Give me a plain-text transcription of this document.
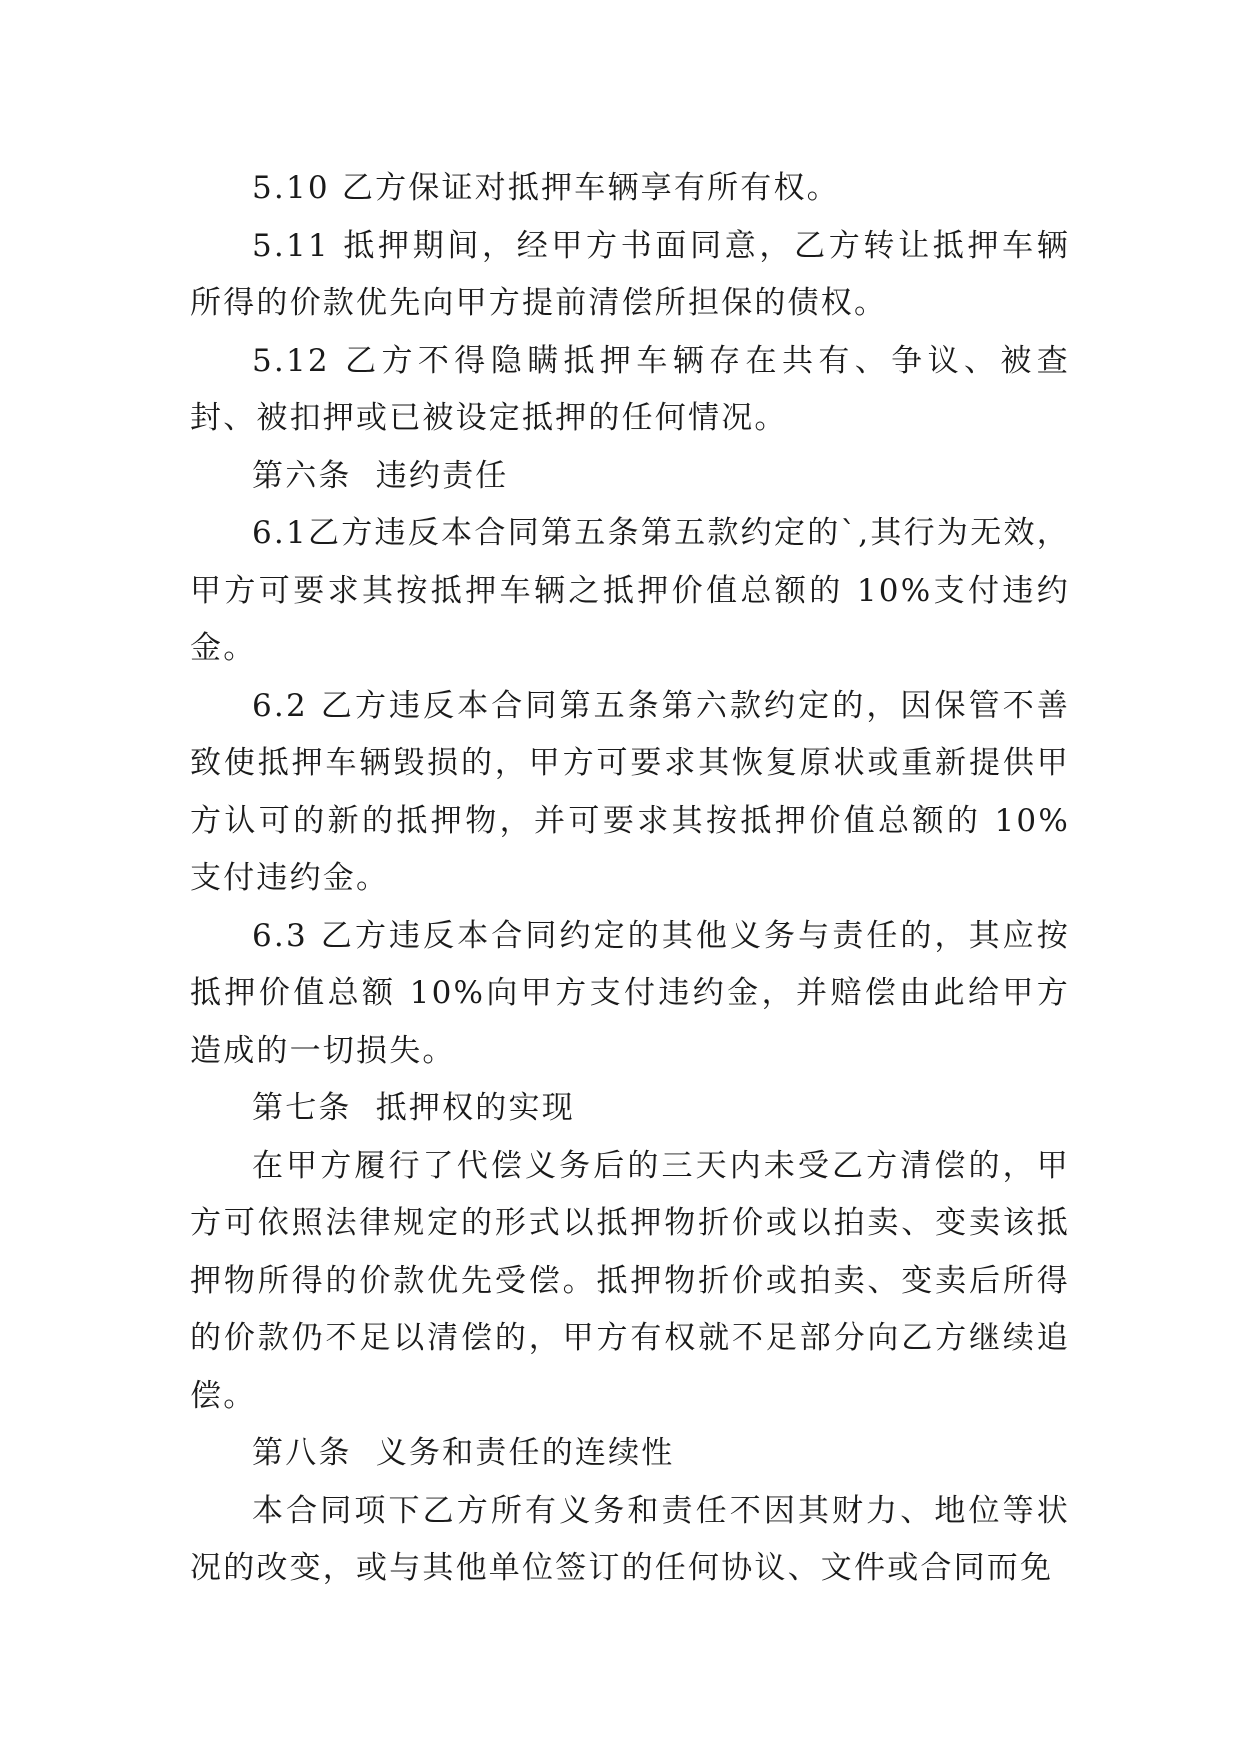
5.10 乙方保证对抵押车辆享有所有权。

5.11 抵押期间，经甲方书面同意，乙方转让抵押车辆所得的价款优先向甲方提前清偿所担保的债权。

5.12 乙方不得隐瞒抵押车辆存在共有、争议、被查封、被扣押或已被设定抵押的任何情况。

第六条  违约责任

6.1乙方违反本合同第五条第五款约定的`,其行为无效，甲方可要求其按抵押车辆之抵押价值总额的 10%支付违约金。

6.2 乙方违反本合同第五条第六款约定的，因保管不善致使抵押车辆毁损的，甲方可要求其恢复原状或重新提供甲方认可的新的抵押物，并可要求其按抵押价值总额的 10%支付违约金。

6.3 乙方违反本合同约定的其他义务与责任的，其应按抵押价值总额 10%向甲方支付违约金，并赔偿由此给甲方造成的一切损失。

第七条  抵押权的实现

在甲方履行了代偿义务后的三天内未受乙方清偿的，甲方可依照法律规定的形式以抵押物折价或以拍卖、变卖该抵押物所得的价款优先受偿。抵押物折价或拍卖、变卖后所得的价款仍不足以清偿的，甲方有权就不足部分向乙方继续追偿。

第八条  义务和责任的连续性

本合同项下乙方所有义务和责任不因其财力、地位等状况的改变，或与其他单位签订的任何协议、文件或合同而免
